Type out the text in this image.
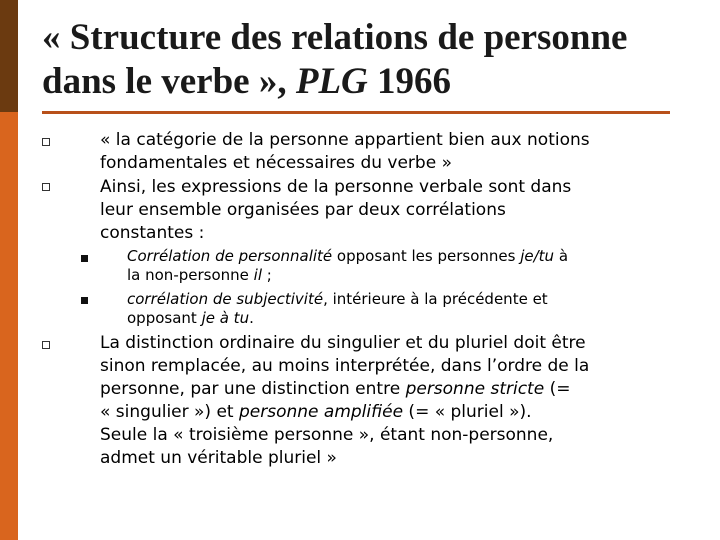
« Structure des relations de personne
dans le verbe », PLG 1966
« la catégorie de la personne appartient bien aux notions
fondamentales et nécessaires du verbe »
Ainsi, les expressions de la personne verbale sont dans
leur ensemble organisées par deux corrélations
constantes :
Corrélation de personnalité opposant les personnes je/tu à
la non-personne il ;
corrélation de subjectivité, intérieure à la précédente et
opposant je à tu.
La distinction ordinaire du singulier et du pluriel doit être
sinon remplacée, au moins interprétée, dans l’ordre de la
personne, par une distinction entre personne stricte (=
« singulier ») et personne amplifiée (= « pluriel »).
Seule la « troisième personne », étant non-personne,
admet un véritable pluriel »
